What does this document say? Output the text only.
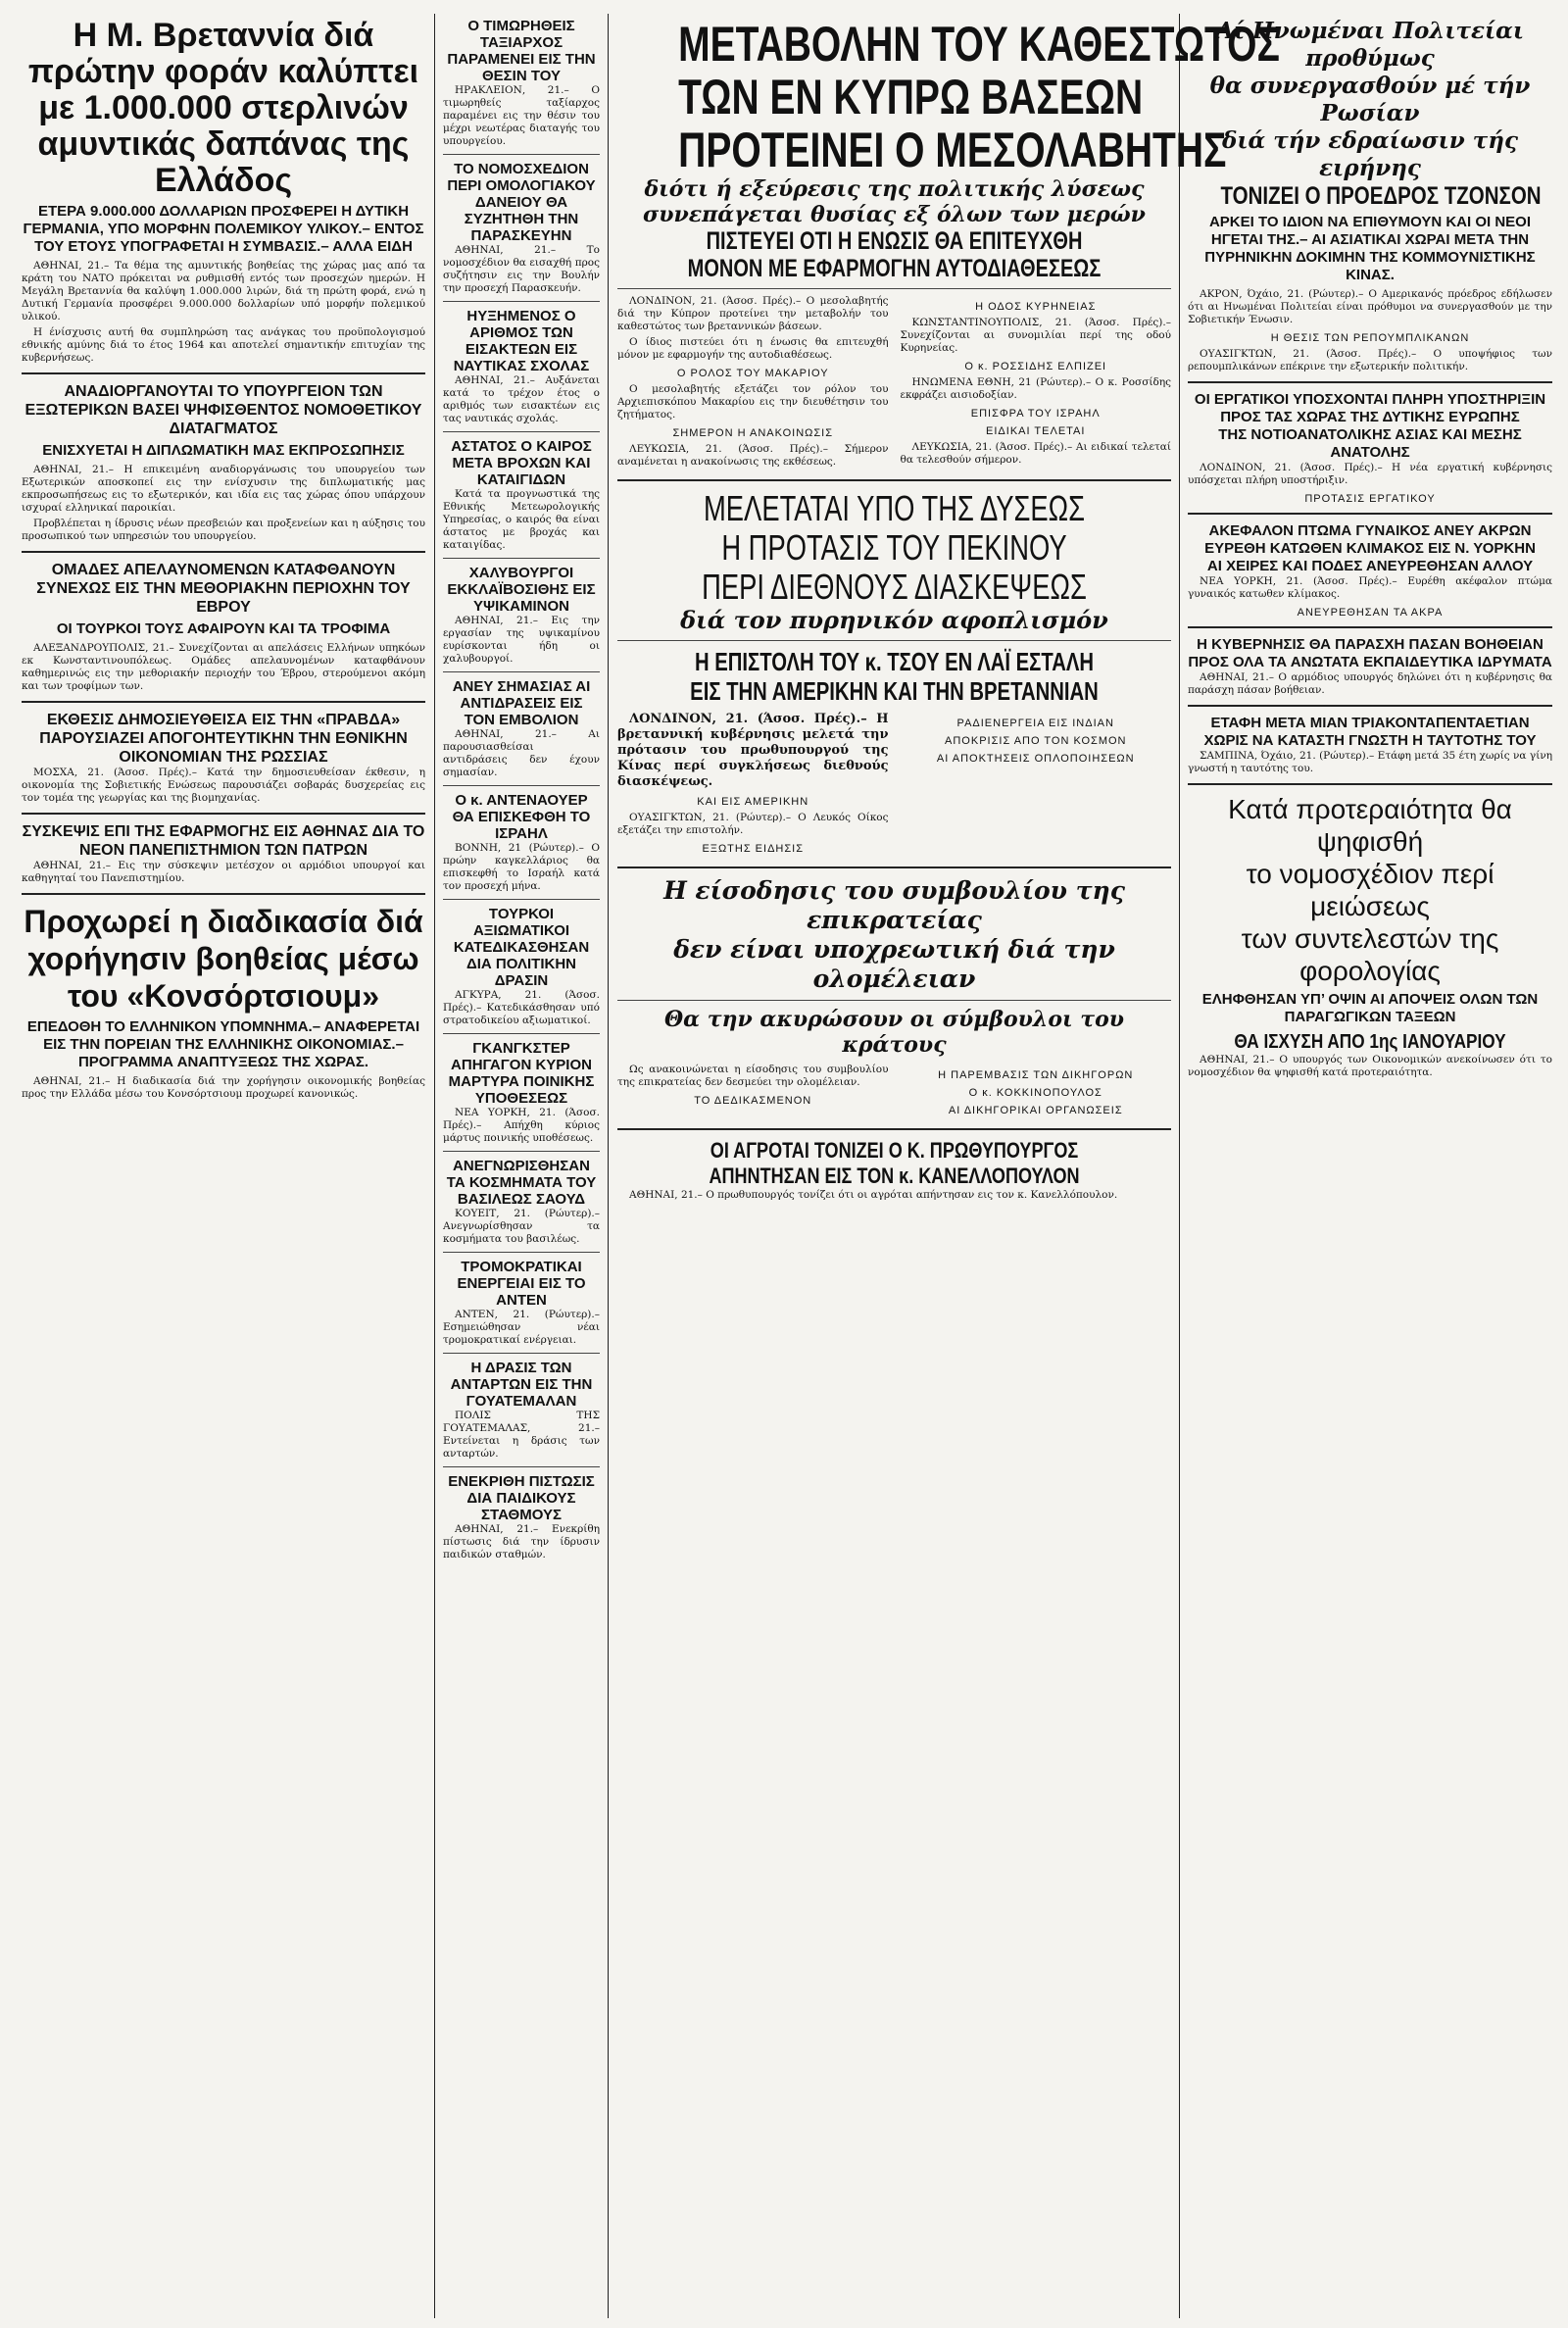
Η Μ. Βρεταννία διά πρώτην φοράν καλύπτει με 1.000.000 στερλινών αμυντικάς δαπάνας της Ελλάδος
ΕΤΕΡΑ 9.000.000 ΔΟΛΛΑΡΙΩΝ ΠΡΟΣΦΕΡΕΙ Η ΔΥΤΙΚΗ ΓΕΡΜΑΝΙΑ, ΥΠΟ ΜΟΡΦΗΝ ΠΟΛΕΜΙΚΟΥ ΥΛΙΚΟΥ.– ΕΝΤΟΣ ΤΟΥ ΕΤΟΥΣ ΥΠΟΓΡΑΦΕΤΑΙ Η ΣΥΜΒΑΣΙΣ.– ΑΛΛΑ ΕΙΔΗ

ΑΘΗΝΑΙ, 21.– Τα θέμα της αμυντικής βοηθείας της χώρας μας από τα κράτη του ΝΑΤΟ πρόκειται να ρυθμισθή εντός των προσεχών ημερών. Η Μεγάλη Βρεταννία θα καλύψη 1.000.000 λιρών, διά τη πρώτη φορά, ενώ η Δυτική Γερμανία προσφέρει 9.000.000 δολλαρίων υπό μορφήν πολεμικού υλικού.

Η ένίσχυσις αυτή θα συμπληρώση τας ανάγκας του προϋπολογισμού εθνικής αμύνης διά το έτος 1964 και αποτελεί σημαντικήν επιτυχίαν της κυβερνήσεως.

ΑΝΑΔΙΟΡΓΑΝΟΥΤΑΙ ΤΟ ΥΠΟΥΡΓΕΙΟΝ ΤΩΝ ΕΞΩΤΕΡΙΚΩΝ ΒΑΣΕΙ ΨΗΦΙΣΘΕΝΤΟΣ ΝΟΜΟΘΕΤΙΚΟΥ ΔΙΑΤΑΓΜΑΤΟΣ
ΕΝΙΣΧΥΕΤΑΙ Η ΔΙΠΛΩΜΑΤΙΚΗ ΜΑΣ ΕΚΠΡΟΣΩΠΗΣΙΣ

ΑΘΗΝΑΙ, 21.– Η επικειμένη αναδιοργάνωσις του υπουργείου των Εξωτερικών αποσκοπεί εις την ενίσχυσιν της διπλωματικής μας εκπροσωπήσεως εις το εξωτερικόν, και ιδία εις τας χώρας όπου υπάρχουν ισχυραί ελληνικαί παροικίαι.

Προβλέπεται η ίδρυσις νέων πρεσβειών και προξενείων και η αύξησις του προσωπικού των υπηρεσιών του υπουργείου.

ΟΜΑΔΕΣ ΑΠΕΛΑΥΝΟΜΕΝΩΝ ΚΑΤΑΦΘΑΝΟΥΝ ΣΥΝΕΧΩΣ ΕΙΣ ΤΗΝ ΜΕΘΟΡΙΑΚΗΝ ΠΕΡΙΟΧΗΝ ΤΟΥ ΕΒΡΟΥ
ΟΙ ΤΟΥΡΚΟΙ ΤΟΥΣ ΑΦΑΙΡΟΥΝ ΚΑΙ ΤΑ ΤΡΟΦΙΜΑ

ΑΛΕΞΑΝΔΡΟΥΠΟΛΙΣ, 21.– Συνεχίζονται αι απελάσεις Ελλήνων υπηκόων εκ Κωνσταντινουπόλεως. Ομάδες απελαυνομένων καταφθάνουν καθημερινώς εις την μεθοριακήν περιοχήν του Έβρου, στερούμενοι ακόμη και των τροφίμων των.

ΕΚΘΕΣΙΣ ΔΗΜΟΣΙΕΥΘΕΙΣΑ ΕΙΣ ΤΗΝ «ΠΡΑΒΔΑ» ΠΑΡΟΥΣΙΑΖΕΙ ΑΠΟΓΟΗΤΕΥΤΙΚΗΝ ΤΗΝ ΕΘΝΙΚΗΝ ΟΙΚΟΝΟΜΙΑΝ ΤΗΣ ΡΩΣΣΙΑΣ

ΜΟΣΧΑ, 21. (Άσοσ. Πρές).– Κατά την δημοσιευθείσαν έκθεσιν, η οικονομία της Σοβιετικής Ενώσεως παρουσιάζει σοβαράς δυσχερείας εις τον τομέα της γεωργίας και της βιομηχανίας.

ΣΥΣΚΕΨΙΣ ΕΠΙ ΤΗΣ ΕΦΑΡΜΟΓΗΣ ΕΙΣ ΑΘΗΝΑΣ ΔΙΑ ΤΟ ΝΕΟΝ ΠΑΝΕΠΙΣΤΗΜΙΟΝ ΤΩΝ ΠΑΤΡΩΝ

ΑΘΗΝΑΙ, 21.– Εις την σύσκεψιν μετέσχον οι αρμόδιοι υπουργοί και καθηγηταί του Πανεπιστημίου.

Προχωρεί η διαδικασία διά χορήγησιν βοηθείας μέσω του «Κονσόρτσιουμ»
ΕΠΕΔΟΘΗ ΤΟ ΕΛΛΗΝΙΚΟΝ ΥΠΟΜΝΗΜΑ.– ΑΝΑΦΕΡΕΤΑΙ ΕΙΣ ΤΗΝ ΠΟΡΕΙΑΝ ΤΗΣ ΕΛΛΗΝΙΚΗΣ ΟΙΚΟΝΟΜΙΑΣ.– ΠΡΟΓΡΑΜΜΑ ΑΝΑΠΤΥΞΕΩΣ ΤΗΣ ΧΩΡΑΣ.

ΑΘΗΝΑΙ, 21.– Η διαδικασία διά την χορήγησιν οικονομικής βοηθείας προς την Ελλάδα μέσω του Κονσόρτσιουμ προχωρεί κανονικώς.

Ο ΤΙΜΩΡΗΘΕΙΣ ΤΑΞΙΑΡΧΟΣ ΠΑΡΑΜΕΝΕΙ ΕΙΣ ΤΗΝ ΘΕΣΙΝ ΤΟΥ

ΗΡΑΚΛΕΙΟΝ, 21.– Ο τιμωρηθείς ταξίαρχος παραμένει εις την θέσιν του μέχρι νεωτέρας διαταγής του υπουργείου.

ΤΟ ΝΟΜΟΣΧΕΔΙΟΝ ΠΕΡΙ ΟΜΟΛΟΓΙΑΚΟΥ ΔΑΝΕΙΟΥ ΘΑ ΣΥΖΗΤΗΘΗ ΤΗΝ ΠΑΡΑΣΚΕΥΗΝ

ΑΘΗΝΑΙ, 21.– Το νομοσχέδιον θα εισαχθή προς συζήτησιν εις την Βουλήν την προσεχή Παρασκευήν.

ΗΥΞΗΜΕΝΟΣ Ο ΑΡΙΘΜΟΣ ΤΩΝ ΕΙΣΑΚΤΕΩΝ ΕΙΣ ΝΑΥΤΙΚΑΣ ΣΧΟΛΑΣ

ΑΘΗΝΑΙ, 21.– Αυξάνεται κατά το τρέχον έτος ο αριθμός των εισακτέων εις τας ναυτικάς σχολάς.

ΑΣΤΑΤΟΣ Ο ΚΑΙΡΟΣ ΜΕΤΑ ΒΡΟΧΩΝ ΚΑΙ ΚΑΤΑΙΓΙΔΩΝ

Κατά τα προγνωστικά της Εθνικής Μετεωρολογικής Υπηρεσίας, ο καιρός θα είναι άστατος με βροχάς και καταιγίδας.

ΧΑΛΥΒΟΥΡΓΟΙ ΕΚΚΛΑΪΒΟΣΙΘΗΣ ΕΙΣ ΥΨΙΚΑΜΙΝΟΝ

ΑΘΗΝΑΙ, 21.– Εις την εργασίαν της υψικαμίνου ευρίσκονται ήδη οι χαλυβουργοί.

ΑΝΕΥ ΣΗΜΑΣΙΑΣ ΑΙ ΑΝΤΙΔΡΑΣΕΙΣ ΕΙΣ ΤΟΝ ΕΜΒΟΛΙΟΝ

ΑΘΗΝΑΙ, 21.– Αι παρουσιασθείσαι αντιδράσεις δεν έχουν σημασίαν.

Ο κ. ΑΝΤΕΝΑΟΥΕΡ ΘΑ ΕΠΙΣΚΕΦΘΗ ΤΟ ΙΣΡΑΗΛ

ΒΟΝΝΗ, 21 (Ρώυτερ).– Ο πρώην καγκελλάριος θα επισκεφθή το Ισραήλ κατά τον προσεχή μήνα.

ΤΟΥΡΚΟΙ ΑΞΙΩΜΑΤΙΚΟΙ ΚΑΤΕΔΙΚΑΣΘΗΣΑΝ ΔΙΑ ΠΟΛΙΤΙΚΗΝ ΔΡΑΣΙΝ

ΑΓΚΥΡΑ, 21. (Άσοσ. Πρές).– Κατεδικάσθησαν υπό στρατοδικείου αξιωματικοί.

ΓΚΑΝΓΚΣΤΕΡ ΑΠΗΓΑΓΟΝ ΚΥΡΙΟΝ ΜΑΡΤΥΡΑ ΠΟΙΝΙΚΗΣ ΥΠΟΘΕΣΕΩΣ

ΝΕΑ ΥΟΡΚΗ, 21. (Άσοσ. Πρές).– Απήχθη κύριος μάρτυς ποινικής υποθέσεως.

ΑΝΕΓΝΩΡΙΣΘΗΣΑΝ ΤΑ ΚΟΣΜΗΜΑΤΑ ΤΟΥ ΒΑΣΙΛΕΩΣ ΣΑΟΥΔ

ΚΟΥΕΙΤ, 21. (Ρώυτερ).– Ανεγνωρίσθησαν τα κοσμήματα του βασιλέως.

ΤΡΟΜΟΚΡΑΤΙΚΑΙ ΕΝΕΡΓΕΙΑΙ ΕΙΣ ΤΟ ΑΝΤΕΝ

ΑΝΤΕΝ, 21. (Ρώυτερ).– Εσημειώθησαν νέαι τρομοκρατικαί ενέργειαι.

Η ΔΡΑΣΙΣ ΤΩΝ ΑΝΤΑΡΤΩΝ ΕΙΣ ΤΗΝ ΓΟΥΑΤΕΜΑΛΑΝ

ΠΟΛΙΣ ΤΗΣ ΓΟΥΑΤΕΜΑΛΑΣ, 21.– Εντείνεται η δράσις των ανταρτών.

ΕΝΕΚΡΙΘΗ ΠΙΣΤΩΣΙΣ ΔΙΑ ΠΑΙΔΙΚΟΥΣ ΣΤΑΘΜΟΥΣ

ΑΘΗΝΑΙ, 21.– Ενεκρίθη πίστωσις διά την ίδρυσιν παιδικών σταθμών.

ΜΕΤΑΒΟΛΗΝ ΤΟΥ ΚΑΘΕΣΤΩΤΟΣ
ΤΩΝ ΕΝ ΚΥΠΡΩ ΒΑΣΕΩΝ
ΠΡΟΤΕΙΝΕΙ Ο ΜΕΣΟΛΑΒΗΤΗΣ
διότι ή εξεύρεσις της πολιτικής λύσεως
συνεπάγεται θυσίας εξ όλων των μερών
ΠΙΣΤΕΥΕΙ ΟΤΙ Η ΕΝΩΣΙΣ ΘΑ ΕΠΙΤΕΥΧΘΗ
ΜΟΝΟΝ ΜΕ ΕΦΑΡΜΟΓΗΝ ΑΥΤΟΔΙΑΘΕΣΕΩΣ

ΛΟΝΔΙΝΟΝ, 21. (Άσοσ. Πρές).– Ο μεσολαβητής διά την Κύπρον προτείνει την μεταβολήν του καθεστώτος των βρεταννικών βάσεων.

Ο ίδιος πιστεύει ότι η ένωσις θα επιτευχθή μόνον με εφαρμογήν της αυτοδιαθέσεως.

Ο ΡΟΛΟΣ ΤΟΥ ΜΑΚΑΡΙΟΥ

Ο μεσολαβητής εξετάζει τον ρόλον του Αρχιεπισκόπου Μακαρίου εις την διευθέτησιν του ζητήματος.

ΣΗΜΕΡΟΝ Η ΑΝΑΚΟΙΝΩΣΙΣ

ΛΕΥΚΩΣΙΑ, 21. (Άσοσ. Πρές).– Σήμερον αναμένεται η ανακοίνωσις της εκθέσεως.

Η ΟΔΟΣ ΚΥΡΗΝΕΙΑΣ

ΚΩΝΣΤΑΝΤΙΝΟΥΠΟΛΙΣ, 21. (Άσοσ. Πρές).– Συνεχίζονται αι συνομιλίαι περί της οδού Κυρηνείας.

Ο κ. ΡΟΣΣΙΔΗΣ ΕΛΠΙΖΕΙ

ΗΝΩΜΕΝΑ ΕΘΝΗ, 21 (Ρώυτερ).– Ο κ. Ροσσίδης εκφράζει αισιοδοξίαν.

ΕΠΙΣΦΡΑ ΤΟΥ ΙΣΡΑΗΛ
ΕΙΔΙΚΑΙ ΤΕΛΕΤΑΙ

ΛΕΥΚΩΣΙΑ, 21. (Άσοσ. Πρές).– Αι ειδικαί τελεταί θα τελεσθούν σήμερον.

ΜΕΛΕΤΑΤΑΙ ΥΠΟ ΤΗΣ ΔΥΣΕΩΣ
Η ΠΡΟΤΑΣΙΣ ΤΟΥ ΠΕΚΙΝΟΥ
ΠΕΡΙ ΔΙΕΘΝΟΥΣ ΔΙΑΣΚΕΨΕΩΣ
διά τον πυρηνικόν αφοπλισμόν
Η ΕΠΙΣΤΟΛΗ ΤΟΥ κ. ΤΣΟΥ ΕΝ ΛΑΪ ΕΣΤΑΛΗ
ΕΙΣ ΤΗΝ ΑΜΕΡΙΚΗΝ ΚΑΙ ΤΗΝ ΒΡΕΤΑΝΝΙΑΝ

ΛΟΝΔΙΝΟΝ, 21. (Άσοσ. Πρές).– Η βρεταννική κυβέρνησις μελετά την πρότασιν του πρωθυπουργού της Κίνας περί συγκλήσεως διεθνούς διασκέψεως.

ΚΑΙ ΕΙΣ ΑΜΕΡΙΚΗΝ

ΟΥΑΣΙΓΚΤΩΝ, 21. (Ρώυτερ).– Ο Λευκός Οίκος εξετάζει την επιστολήν.

ΕΞΩΤΗΣ ΕΙΔΗΣΙΣ
ΡΑΔΙΕΝΕΡΓΕΙΑ ΕΙΣ ΙΝΔΙΑΝ
ΑΠΟΚΡΙΣΙΣ ΑΠΟ ΤΟΝ ΚΟΣΜΟΝ
ΑΙ ΑΠΟΚΤΗΣΕΙΣ ΟΠΛΟΠΟΙΗΣΕΩΝ
Η είσοδησις του συμβουλίου της επικρατείας
δεν είναι υποχρεωτική διά την ολομέλειαν
Θα την ακυρώσουν οι σύμβουλοι του κράτους

Ως ανακοινώνεται η είσοδησις του συμβουλίου της επικρατείας δεν δεσμεύει την ολομέλειαν.

ΤΟ ΔΕΔΙΚΑΣΜΕΝΟΝ
Η ΠΑΡΕΜΒΑΣΙΣ ΤΩΝ ΔΙΚΗΓΟΡΩΝ
Ο κ. ΚΟΚΚΙΝΟΠΟΥΛΟΣ
ΑΙ ΔΙΚΗΓΟΡΙΚΑΙ ΟΡΓΑΝΩΣΕΙΣ
ΟΙ ΑΓΡΟΤΑΙ ΤΟΝΙΖΕΙ Ο Κ. ΠΡΩΘΥΠΟΥΡΓΟΣ
ΑΠΗΝΤΗΣΑΝ ΕΙΣ ΤΟΝ κ. ΚΑΝΕΛΛΟΠΟΥΛΟΝ

ΑΘΗΝΑΙ, 21.– Ο πρωθυπουργός τονίζει ότι οι αγρόται απήντησαν εις τον κ. Κανελλόπουλον.

Αί Ηνωμέναι Πολιτείαι προθύμως
θα συνεργασθούν μέ τήν Ρωσίαν
διά τήν εδραίωσιν τής ειρήνης
ΤΟΝΙΖΕΙ Ο ΠΡΟΕΔΡΟΣ ΤΖΟΝΣΟΝ
ΑΡΚΕΙ ΤΟ ΙΔΙΟΝ ΝΑ ΕΠΙΘΥΜΟΥΝ ΚΑΙ ΟΙ ΝΕΟΙ ΗΓΕΤΑΙ ΤΗΣ.– ΑΙ ΑΣΙΑΤΙΚΑΙ ΧΩΡΑΙ ΜΕΤΑ ΤΗΝ ΠΥΡΗΝΙΚΗΝ ΔΟΚΙΜΗΝ ΤΗΣ ΚΟΜΜΟΥΝΙΣΤΙΚΗΣ ΚΙΝΑΣ.

ΑΚΡΟΝ, Όχάιο, 21. (Ρώυτερ).– Ο Αμερικανός πρόεδρος εδήλωσεν ότι αι Ηνωμέναι Πολιτείαι είναι πρόθυμοι να συνεργασθούν με την Σοβιετικήν Ένωσιν.

Η ΘΕΣΙΣ ΤΩΝ ΡΕΠΟΥΜΠΛΙΚΑΝΩΝ

ΟΥΑΣΙΓΚΤΩΝ, 21. (Άσοσ. Πρές).– Ο υποψήφιος των ρεπουμπλικάνων επέκρινε την εξωτερικήν πολιτικήν.

ΟΙ ΕΡΓΑΤΙΚΟΙ ΥΠΟΣΧΟΝΤΑΙ ΠΛΗΡΗ ΥΠΟΣΤΗΡΙΞΙΝ
ΠΡΟΣ ΤΑΣ ΧΩΡΑΣ ΤΗΣ ΔΥΤΙΚΗΣ ΕΥΡΩΠΗΣ
ΤΗΣ ΝΟΤΙΟΑΝΑΤΟΛΙΚΗΣ ΑΣΙΑΣ ΚΑΙ ΜΕΣΗΣ ΑΝΑΤΟΛΗΣ

ΛΟΝΔΙΝΟΝ, 21. (Άσοσ. Πρές).– Η νέα εργατική κυβέρνησις υπόσχεται πλήρη υποστήριξιν.

ΠΡΟΤΑΣΙΣ ΕΡΓΑΤΙΚΟΥ
ΑΚΕΦΑΛΟΝ ΠΤΩΜΑ ΓΥΝΑΙΚΟΣ ΑΝΕΥ ΑΚΡΩΝ
ΕΥΡΕΘΗ ΚΑΤΩΘΕΝ ΚΛΙΜΑΚΟΣ ΕΙΣ Ν. ΥΟΡΚΗΝ
ΑΙ ΧΕΙΡΕΣ ΚΑΙ ΠΟΔΕΣ ΑΝΕΥΡΕΘΗΣΑΝ ΑΛΛΟΥ

ΝΕΑ ΥΟΡΚΗ, 21. (Άσοσ. Πρές).– Ευρέθη ακέφαλον πτώμα γυναικός κατωθεν κλίμακος.

ΑΝΕΥΡΕΘΗΣΑΝ ΤΑ ΑΚΡΑ
Η ΚΥΒΕΡΝΗΣΙΣ ΘΑ ΠΑΡΑΣΧΗ ΠΑΣΑΝ ΒΟΗΘΕΙΑΝ
ΠΡΟΣ ΟΛΑ ΤΑ ΑΝΩΤΑΤΑ ΕΚΠΑΙΔΕΥΤΙΚΑ ΙΔΡΥΜΑΤΑ

ΑΘΗΝΑΙ, 21.– Ο αρμόδιος υπουργός δηλώνει ότι η κυβέρνησις θα παράσχη πάσαν βοήθειαν.

ΕΤΑΦΗ ΜΕΤΑ ΜΙΑΝ ΤΡΙΑΚΟΝΤΑΠΕΝΤΑΕΤΙΑΝ
ΧΩΡΙΣ ΝΑ ΚΑΤΑΣΤΗ ΓΝΩΣΤΗ Η ΤΑΥΤΟΤΗΣ ΤΟΥ

ΣΑΜΠΙΝΑ, Όχάιο, 21. (Ρώυτερ).– Ετάφη μετά 35 έτη χωρίς να γίνη γνωστή η ταυτότης του.

Κατά προτεραιότητα θα ψηφισθή
το νομοσχέδιον περί μειώσεως
των συντελεστών της φορολογίας
ΕΛΗΦΘΗΣΑΝ ΥΠ’ ΟΨΙΝ ΑΙ ΑΠΟΨΕΙΣ ΟΛΩΝ ΤΩΝ ΠΑΡΑΓΩΓΙΚΩΝ ΤΑΞΕΩΝ
ΘΑ ΙΣΧΥΣΗ ΑΠΟ 1ης ΙΑΝΟΥΑΡΙΟΥ

ΑΘΗΝΑΙ, 21.– Ο υπουργός των Οικονομικών ανεκοίνωσεν ότι το νομοσχέδιον θα ψηφισθή κατά προτεραιότητα.
